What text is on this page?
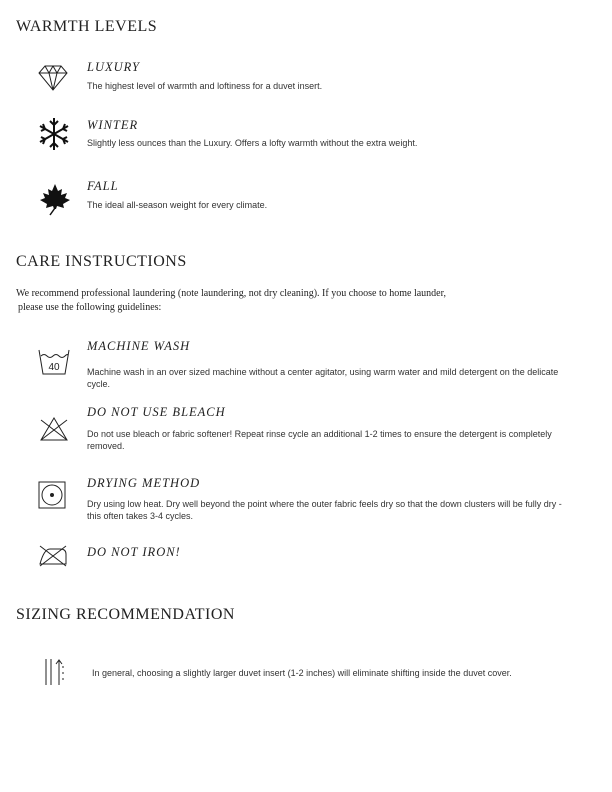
WARMTH LEVELS
LUXURY
The highest level of warmth and loftiness for a duvet insert.
WINTER
Slightly less ounces than the Luxury. Offers a lofty warmth without the extra weight.
FALL
The ideal all-season weight for every climate.
CARE INSTRUCTIONS
We recommend professional laundering (note laundering, not dry cleaning). If you choose to home launder,
please use the following guidelines:
40
MACHINE WASH
Machine wash in an over sized machine without a center agitator, using warm water and mild detergent on the delicate cycle.
DO NOT USE BLEACH
Do not use bleach or fabric softener! Repeat rinse cycle an additional 1-2 times to ensure the detergent is completely removed.
DRYING METHOD
Dry using low heat. Dry well beyond the point where the outer fabric feels dry so that the down clusters will be fully dry - this often takes 3-4 cycles.
DO NOT IRON!
SIZING RECOMMENDATION
In general, choosing a slightly larger duvet insert (1-2 inches) will eliminate shifting inside the duvet cover.
